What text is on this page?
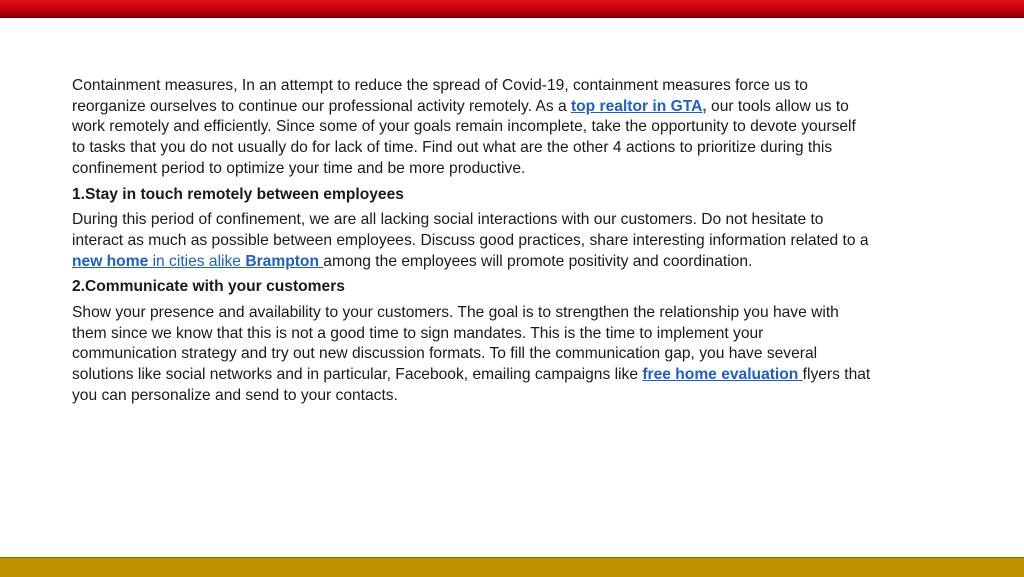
Containment measures, In an attempt to reduce the spread of Covid-19, containment measures force us to reorganize ourselves to continue our professional activity remotely. As a top realtor in GTA, our tools allow us to work remotely and efficiently. Since some of your goals remain incomplete, take the opportunity to devote yourself to tasks that you do not usually do for lack of time. Find out what are the other 4 actions to prioritize during this confinement period to optimize your time and be more productive.

1.Stay in touch remotely between employees

During this period of confinement, we are all lacking social interactions with our customers. Do not hesitate to interact as much as possible between employees. Discuss good practices, share interesting information related to a new home in cities alike Brampton among the employees will promote positivity and coordination.

2.Communicate with your customers

Show your presence and availability to your customers. The goal is to strengthen the relationship you have with them since we know that this is not a good time to sign mandates. This is the time to implement your communication strategy and try out new discussion formats. To fill the communication gap, you have several solutions like social networks and in particular, Facebook, emailing campaigns like free home evaluation flyers that you can personalize and send to your contacts.
